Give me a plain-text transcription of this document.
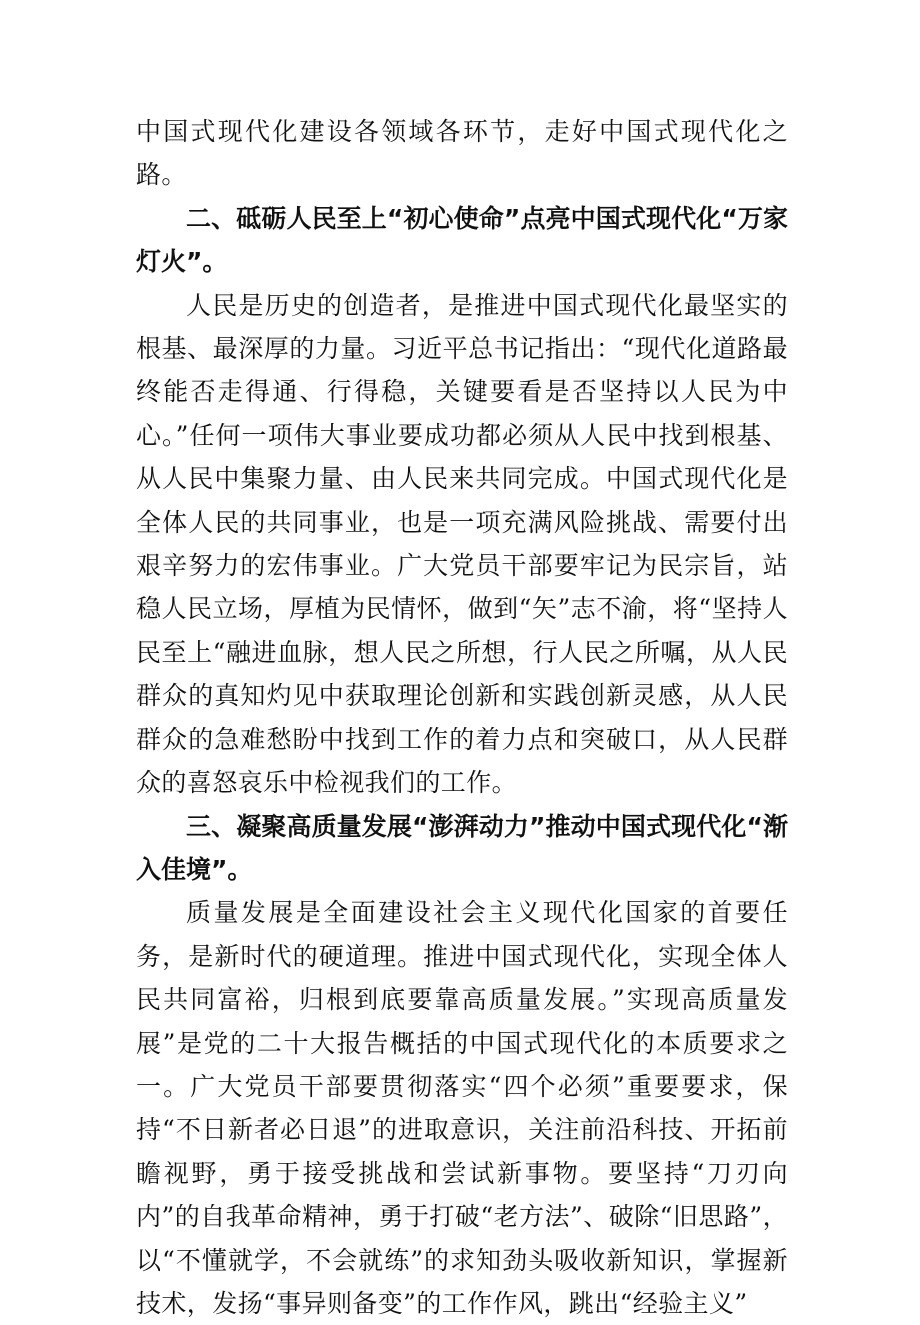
中国式现代化建设各领域各环节，走好中国式现代化之路。

二、砥砺人民至上“初心使命”点亮中国式现代化“万家灯火”。

人民是历史的创造者，是推进中国式现代化最坚实的根基、最深厚的力量。习近平总书记指出：“现代化道路最终能否走得通、行得稳，关键要看是否坚持以人民为中心。”任何一项伟大事业要成功都必须从人民中找到根基、从人民中集聚力量、由人民来共同完成。中国式现代化是全体人民的共同事业，也是一项充满风险挑战、需要付出艰辛努力的宏伟事业。广大党员干部要牢记为民宗旨，站稳人民立场，厚植为民情怀，做到“矢”志不渝，将“坚持人民至上“融进血脉，想人民之所想，行人民之所嘱，从人民群众的真知灼见中获取理论创新和实践创新灵感，从人民群众的急难愁盼中找到工作的着力点和突破口，从人民群众的喜怒哀乐中检视我们的工作。

三、凝聚高质量发展“澎湃动力”推动中国式现代化“渐入佳境”。

质量发展是全面建设社会主义现代化国家的首要任务，是新时代的硬道理。推进中国式现代化，实现全体人民共同富裕，归根到底要靠高质量发展。”实现高质量发展”是党的二十大报告概括的中国式现代化的本质要求之一。广大党员干部要贯彻落实“四个必须”重要要求，保持“不日新者必日退”的进取意识，关注前沿科技、开拓前瞻视野，勇于接受挑战和尝试新事物。要坚持“刀刃向内”的自我革命精神，勇于打破“老方法”、破除“旧思路”，以“不懂就学，不会就练”的求知劲头吸收新知识，掌握新技术，发扬“事异则备变”的工作作风，跳出“经验主义”
